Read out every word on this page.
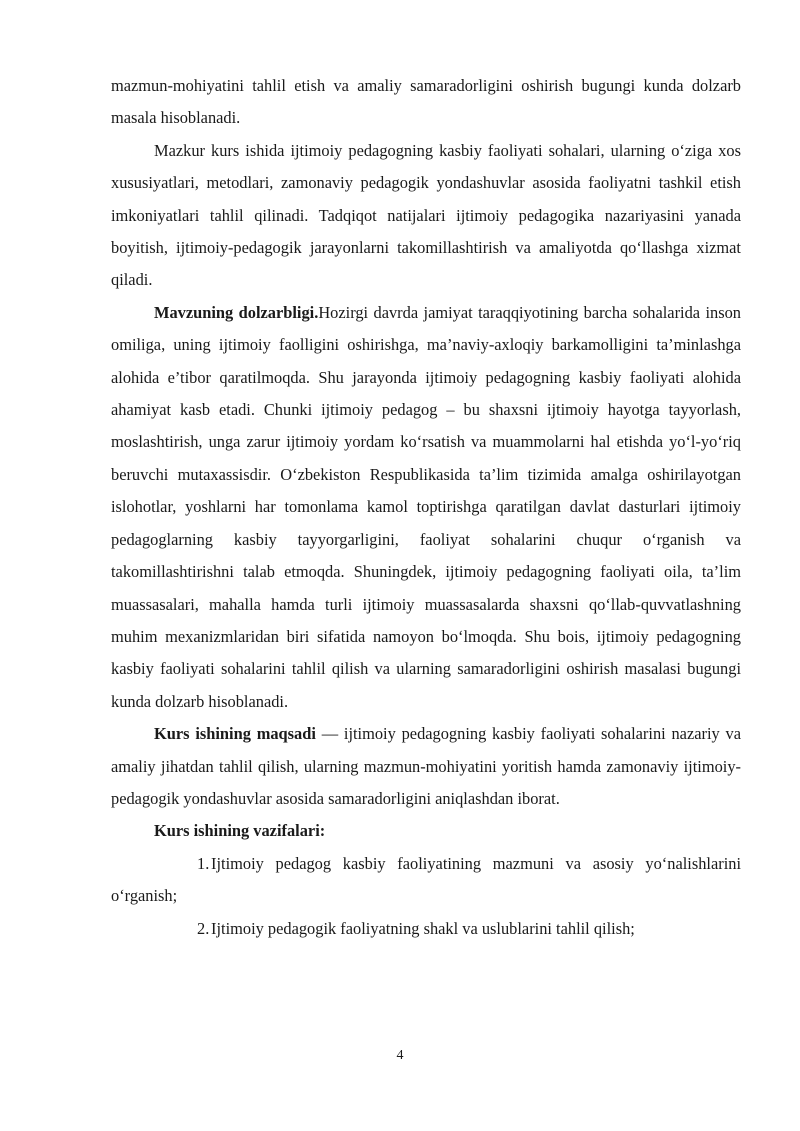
mazmun-mohiyatini tahlil etish va amaliy samaradorligini oshirish bugungi kunda dolzarb masala hisoblanadi.

Mazkur kurs ishida ijtimoiy pedagogning kasbiy faoliyati sohalari, ularning o‘ziga xos xususiyatlari, metodlari, zamonaviy pedagogik yondashuvlar asosida faoliyatni tashkil etish imkoniyatlari tahlil qilinadi. Tadqiqot natijalari ijtimoiy pedagogika nazariyasini yanada boyitish, ijtimoiy-pedagogik jarayonlarni takomillashtirish va amaliyotda qo‘llashga xizmat qiladi.

Mavzuning dolzarbligi.Hozirgi davrda jamiyat taraqqiyotining barcha sohalarida inson omiliga, uning ijtimoiy faolligini oshirishga, ma’naviy-axloqiy barkamolligini ta’minlashga alohida e’tibor qaratilmoqda. Shu jarayonda ijtimoiy pedagogning kasbiy faoliyati alohida ahamiyat kasb etadi. Chunki ijtimoiy pedagog – bu shaxsni ijtimoiy hayotga tayyorlash, moslashtirish, unga zarur ijtimoiy yordam ko‘rsatish va muammolarni hal etishda yo‘l-yo‘riq beruvchi mutaxassisdir. O‘zbekiston Respublikasida ta’lim tizimida amalga oshirilayotgan islohotlar, yoshlarni har tomonlama kamol toptirishga qaratilgan davlat dasturlari ijtimoiy pedagoglarning kasbiy tayyorgarligini, faoliyat sohalarini chuqur o‘rganish va takomillashtirishni talab etmoqda. Shuningdek, ijtimoiy pedagogning faoliyati oila, ta’lim muassasalari, mahalla hamda turli ijtimoiy muassasalarda shaxsni qo‘llab-quvvatlashning muhim mexanizmlaridan biri sifatida namoyon bo‘lmoqda. Shu bois, ijtimoiy pedagogning kasbiy faoliyati sohalarini tahlil qilish va ularning samaradorligini oshirish masalasi bugungi kunda dolzarb hisoblanadi.

Kurs ishining maqsadi — ijtimoiy pedagogning kasbiy faoliyati sohalarini nazariy va amaliy jihatdan tahlil qilish, ularning mazmun-mohiyatini yoritish hamda zamonaviy ijtimoiy-pedagogik yondashuvlar asosida samaradorligini aniqlashdan iborat.

Kurs ishining vazifalari:

1. Ijtimoiy pedagog kasbiy faoliyatining mazmuni va asosiy yo‘nalishlarini o‘rganish;

2. Ijtimoiy pedagogik faoliyatning shakl va uslublarini tahlil qilish;

4
